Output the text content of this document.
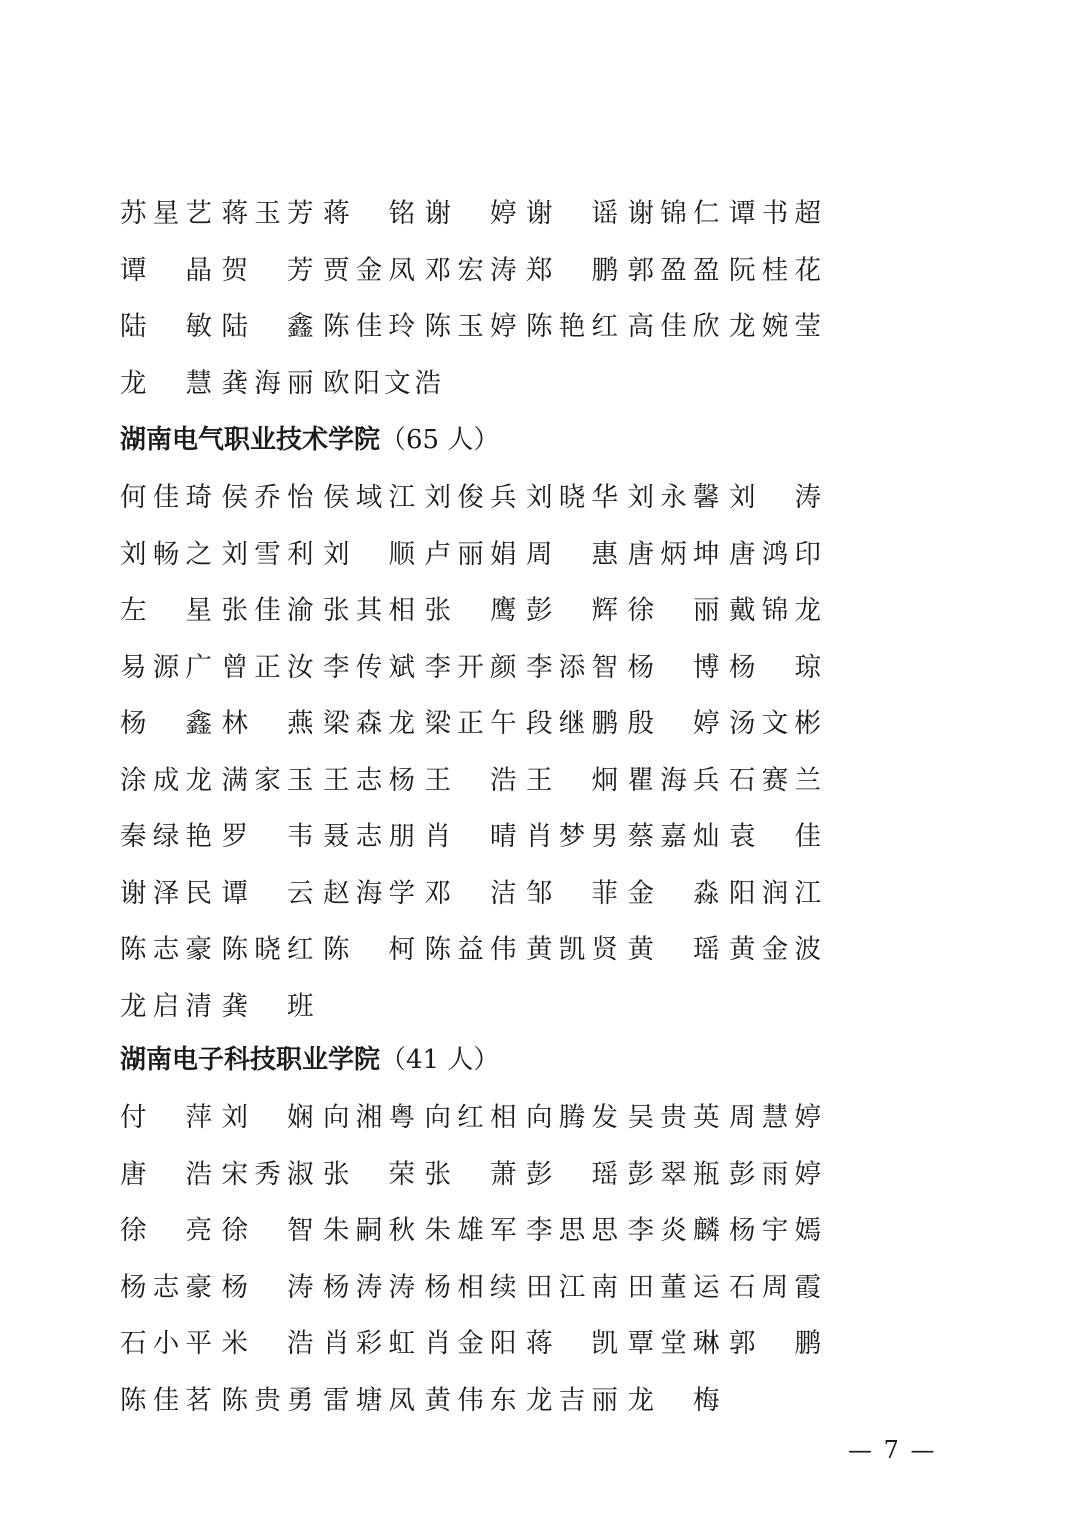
苏 星 艺 蒋 玉 芳 蒋 铭 谢 婷 谢 谣 谢 锦 仁 谭 书 超
谭 晶 贺 芳 贾 金 凤 邓 宏 涛 郑 鹏 郭 盈 盈 阮 桂 花
陆 敏 陆 鑫 陈 佳 玲 陈 玉 婷 陈 艳 红 高 佳 欣 龙 婉 莹
龙 慧 龚 海 丽 欧 阳 文 浩
湖南电气职业技术学院（65 人）
何 佳 琦 侯 乔 怡 侯 域 江 刘 俊 兵 刘 晓 华 刘 永 馨 刘 涛
刘 畅 之 刘 雪 利 刘 顺 卢 丽 娟 周 惠 唐 炳 坤 唐 鸿 印
左 星 张 佳 渝 张 其 相 张 鹰 彭 辉 徐 丽 戴 锦 龙
易 源 广 曾 正 汝 李 传 斌 李 开 颜 李 添 智 杨 博 杨 琼
杨 鑫 林 燕 梁 森 龙 梁 正 午 段 继 鹏 殷 婷 汤 文 彬
涂 成 龙 满 家 玉 王 志 杨 王 浩 王 炯 瞿 海 兵 石 赛 兰
秦 绿 艳 罗 韦 聂 志 朋 肖 晴 肖 梦 男 蔡 嘉 灿 袁 佳
谢 泽 民 谭 云 赵 海 学 邓 洁 邹 菲 金 淼 阳 润 江
陈 志 豪 陈 晓 红 陈 柯 陈 益 伟 黄 凯 贤 黄 瑶 黄 金 波
龙 启 清 龚 班
湖南电子科技职业学院（41 人）
付 萍 刘 娴 向 湘 粤 向 红 相 向 腾 发 吴 贵 英 周 慧 婷
唐 浩 宋 秀 淑 张 荣 张 萧 彭 瑶 彭 翠 瓶 彭 雨 婷
徐 亮 徐 智 朱 嗣 秋 朱 雄 军 李 思 思 李 炎 麟 杨 宇 嫣
杨 志 豪 杨 涛 杨 涛 涛 杨 相 续 田 江 南 田 董 运 石 周 霞
石 小 平 米 浩 肖 彩 虹 肖 金 阳 蒋 凯 覃 堂 琳 郭 鹏
陈 佳 茗 陈 贵 勇 雷 塘 凤 黄 伟 东 龙 吉 丽 龙 梅
— 7 —
